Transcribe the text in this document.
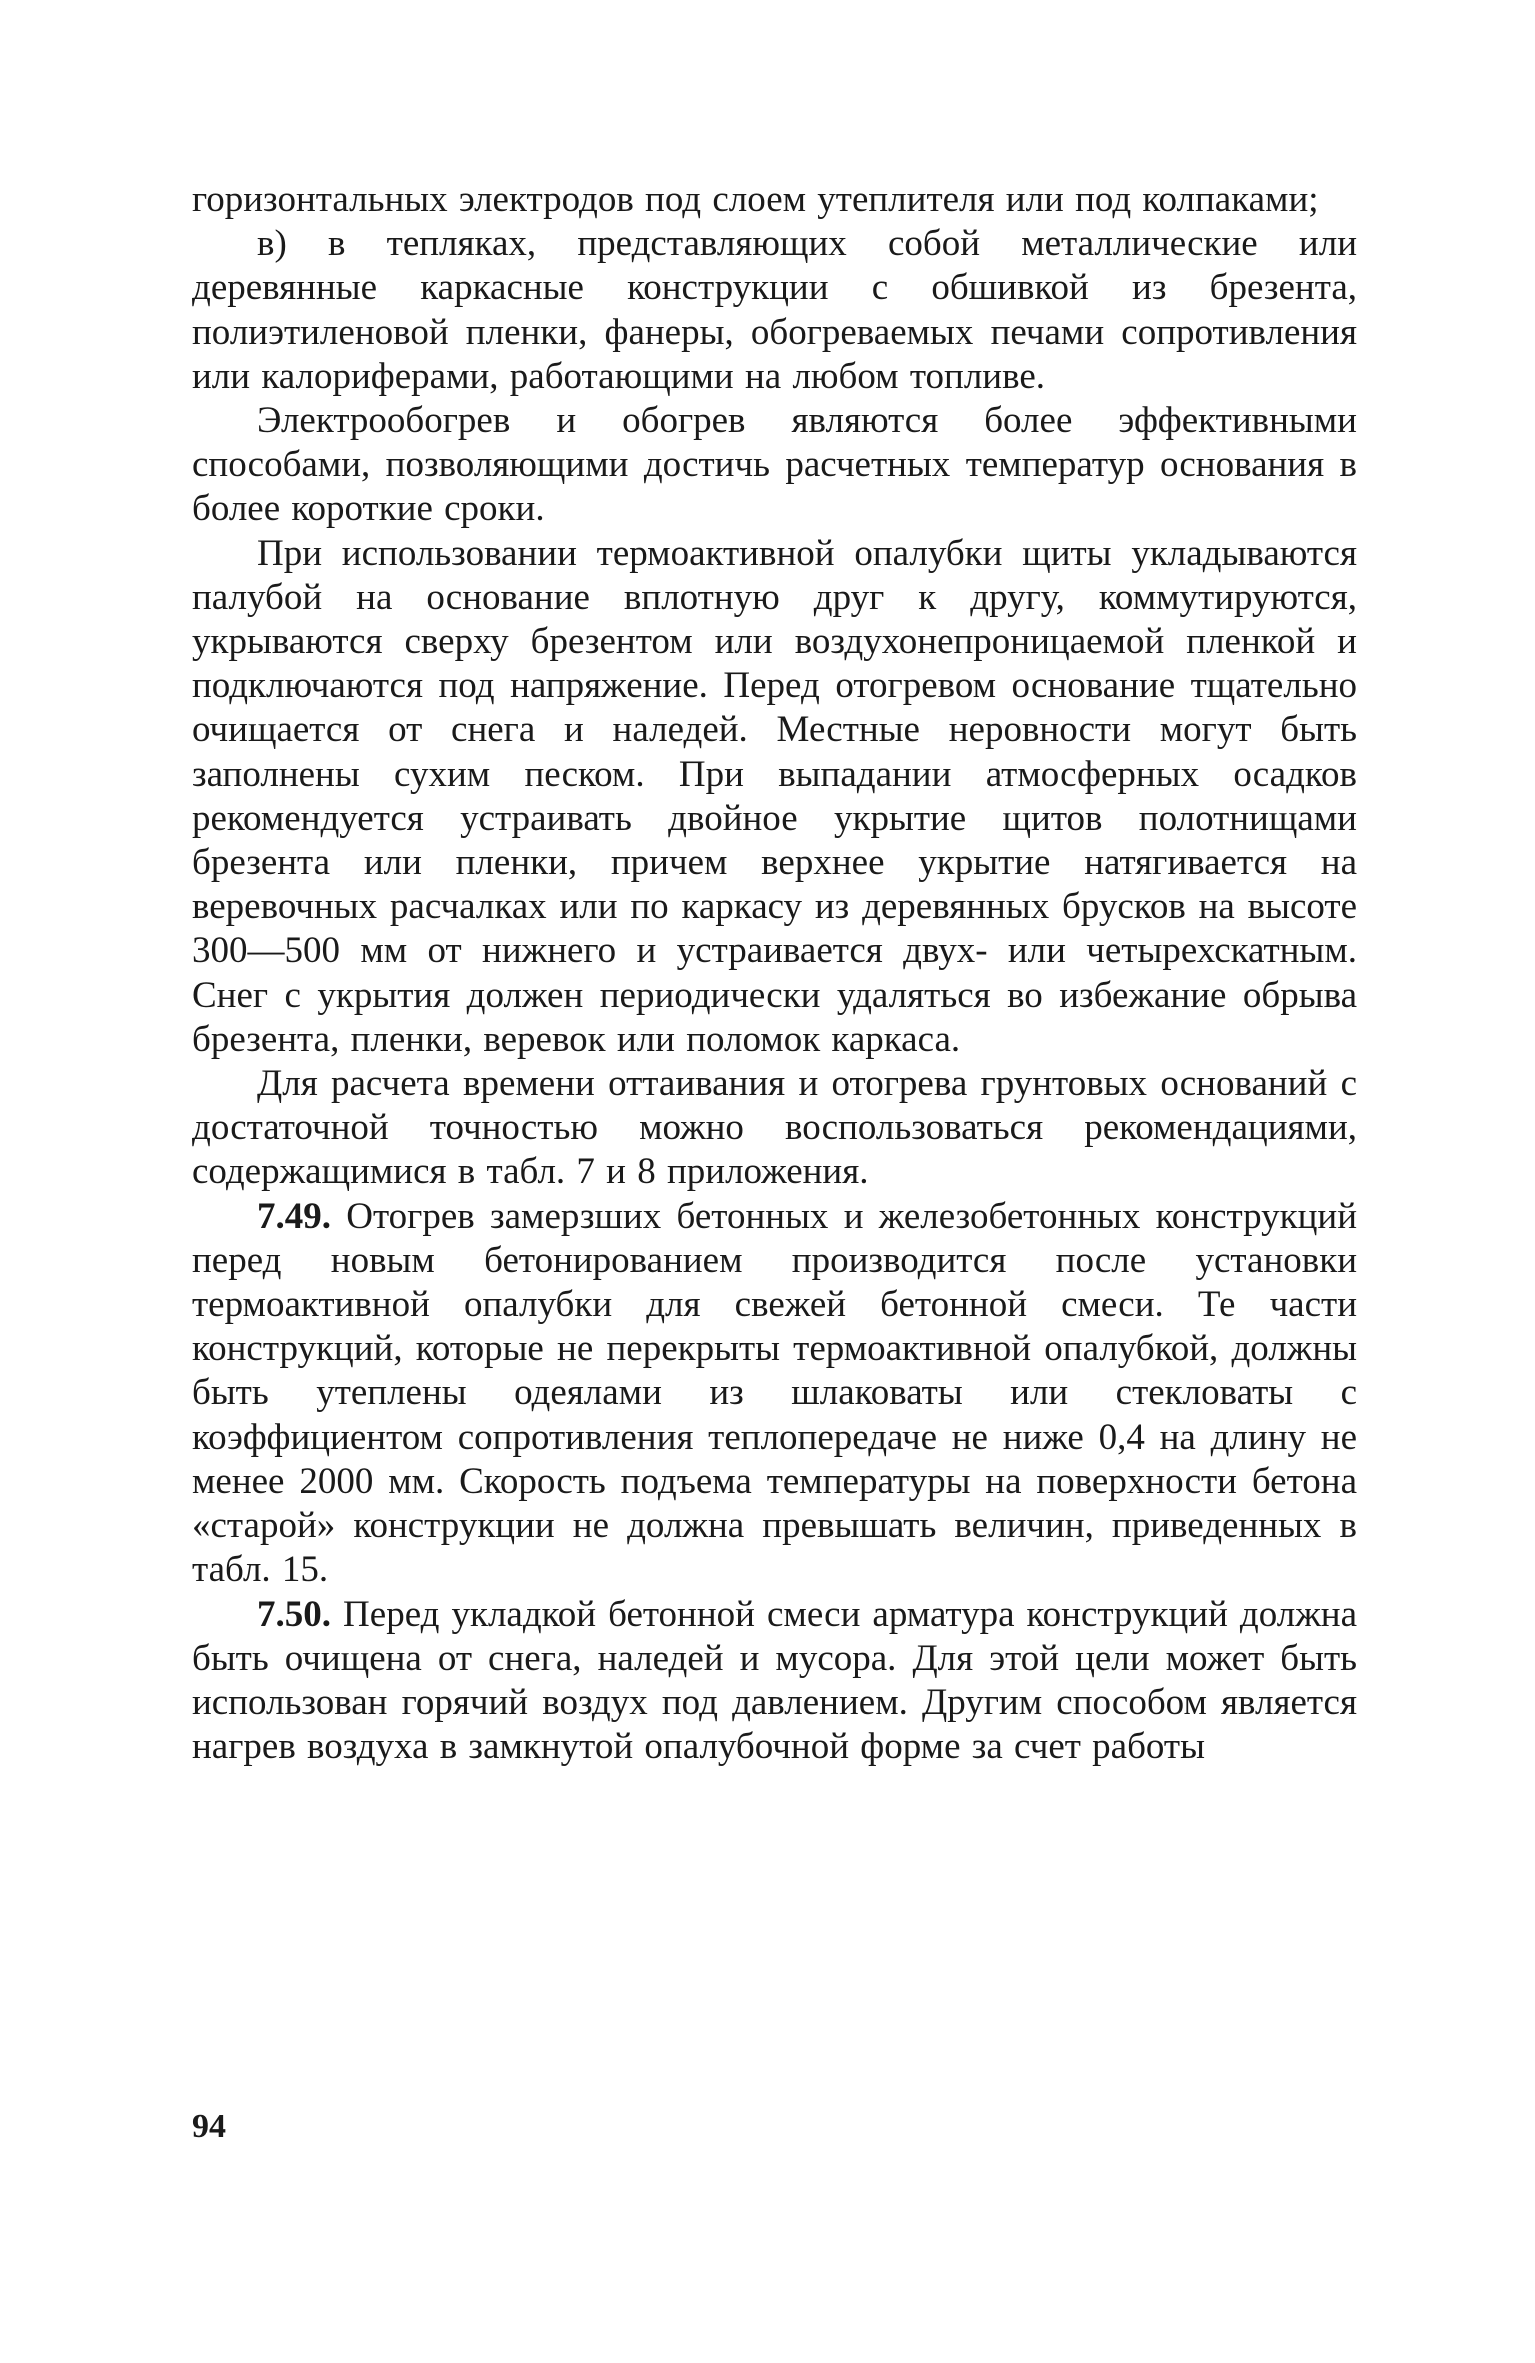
горизонтальных электродов под слоем утеплителя или под колпаками;

в) в тепляках, представляющих собой металлические или деревянные каркасные конструкции с обшивкой из брезента, полиэтиленовой пленки, фанеры, обогреваемых печами сопротивления или калориферами, работающими на любом топливе.

Электрообогрев и обогрев являются более эффективными способами, позволяющими достичь расчетных температур основания в более короткие сроки.

При использовании термоактивной опалубки щиты укладываются палубой на основание вплотную друг к другу, коммутируются, укрываются сверху брезентом или воздухонепроницаемой пленкой и подключаются под напряжение. Перед отогревом основание тщательно очищается от снега и наледей. Местные неровности могут быть заполнены сухим песком. При выпадании атмосферных осадков рекомендуется устраивать двойное укрытие щитов полотнищами брезента или пленки, причем верхнее укрытие натягивается на веревочных расчалках или по каркасу из деревянных брусков на высоте 300—500 мм от нижнего и устраивается двух- или четырехскатным. Снег с укрытия должен периодически удаляться во избежание обрыва брезента, пленки, веревок или поломок каркаса.

Для расчета времени оттаивания и отогрева грунтовых оснований с достаточной точностью можно воспользоваться рекомендациями, содержащимися в табл. 7 и 8 приложения.

7.49. Отогрев замерзших бетонных и железобетонных конструкций перед новым бетонированием производится после установки термоактивной опалубки для свежей бетонной смеси. Те части конструкций, которые не перекрыты термоактивной опалубкой, должны быть утеплены одеялами из шлаковаты или стекловаты с коэффициентом сопротивления теплопередаче не ниже 0,4 на длину не менее 2000 мм. Скорость подъема температуры на поверхности бетона «старой» конструкции не должна превышать величин, приведенных в табл. 15.

7.50. Перед укладкой бетонной смеси арматура конструкций должна быть очищена от снега, наледей и мусора. Для этой цели может быть использован горячий воздух под давлением. Другим способом является нагрев воздуха в замкнутой опалубочной форме за счет работы

94
